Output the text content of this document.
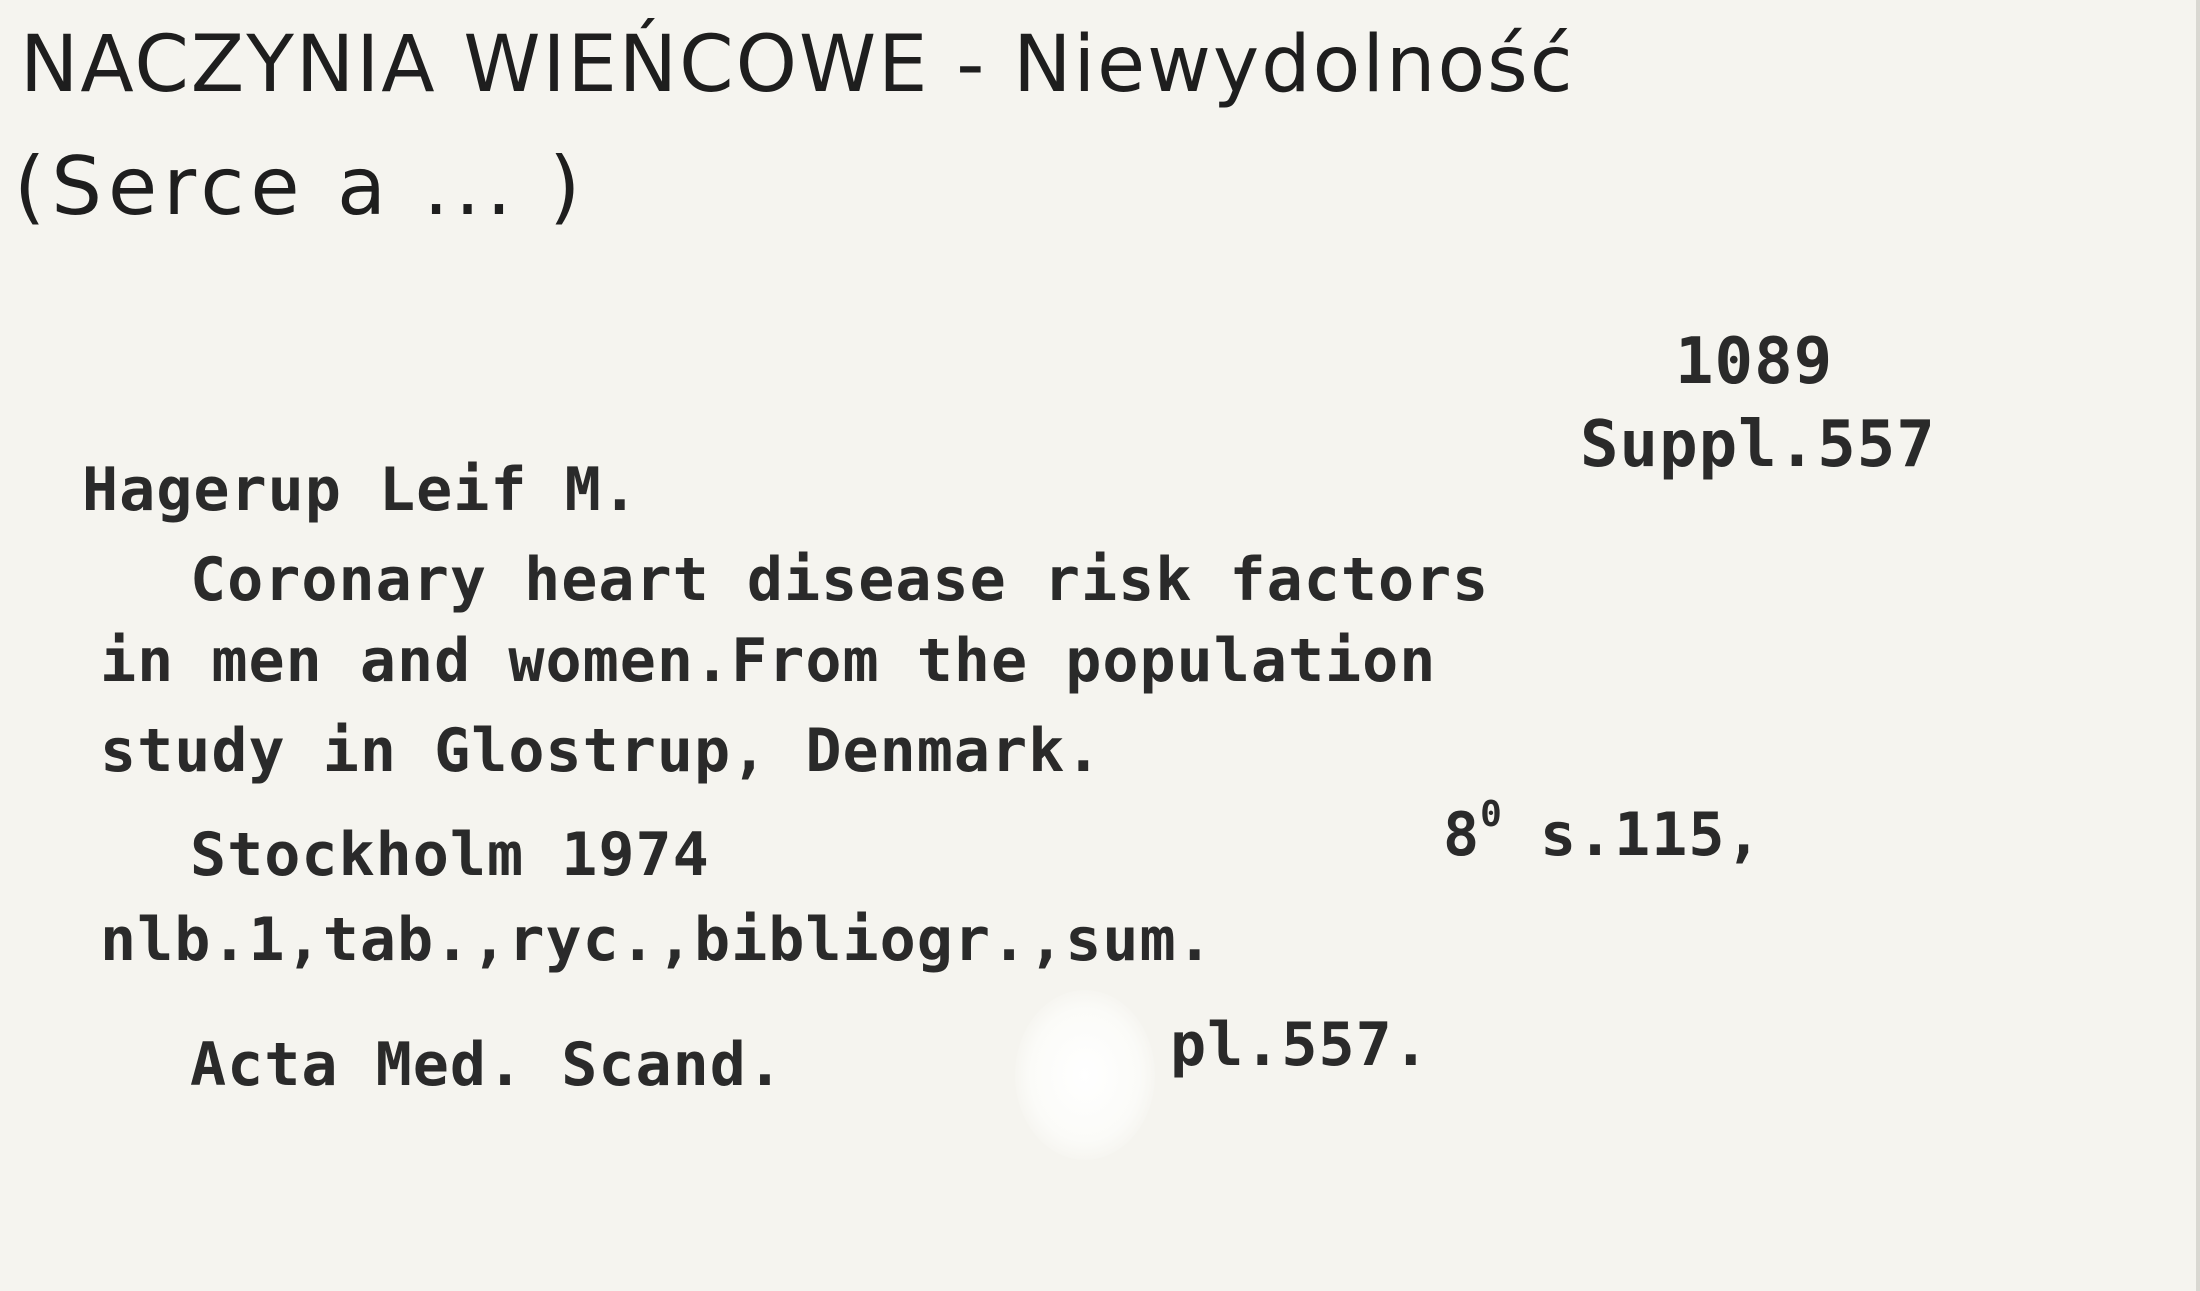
NACZYNIA WIEŃCOWE - Niewydolność
(Serce a ... )
1089
Suppl.557
Hagerup Leif M.
Coronary heart disease risk factors
in men and women.From the population
study in Glostrup, Denmark.
Stockholm 1974	$8^0$ s.115,
nlb.1,tab.,ryc.,bibliogr.,sum.
Acta Med. Scand.	pl.557.
